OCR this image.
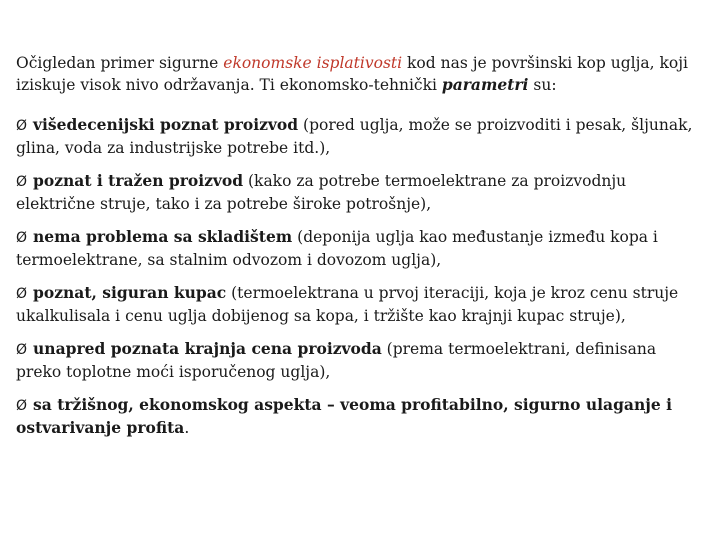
Očigledan primer sigurne ekonomske isplativosti kod nas je površinski kop uglja, koji iziskuje visok nivo održavanja. Ti ekonomsko-tehnički parametri su:

Ø višedecenijski poznat proizvod (pored uglja, može se proizvoditi i pesak, šljunak, glina, voda za industrijske potrebe itd.),
Ø poznat i tražen proizvod (kako za potrebe termoelektrane za proizvodnju električne struje, tako i za potrebe široke potrošnje),
Ø nema problema sa skladištem (deponija uglja kao međustanje između kopa i termoelektrane, sa stalnim odvozom i dovozom uglja),
Ø poznat, siguran kupac (termoelektrana u prvoj iteraciji, koja je kroz cenu struje ukalkulisala i cenu uglja dobijenog sa kopa, i tržište kao krajnji kupac struje),
Ø unapred poznata krajnja cena proizvoda (prema termoelektrani, definisana preko toplotne moći isporučenog uglja),
Ø sa tržišnog, ekonomskog aspekta – veoma profitabilno, sigurno ulaganje i ostvarivanje profita.
